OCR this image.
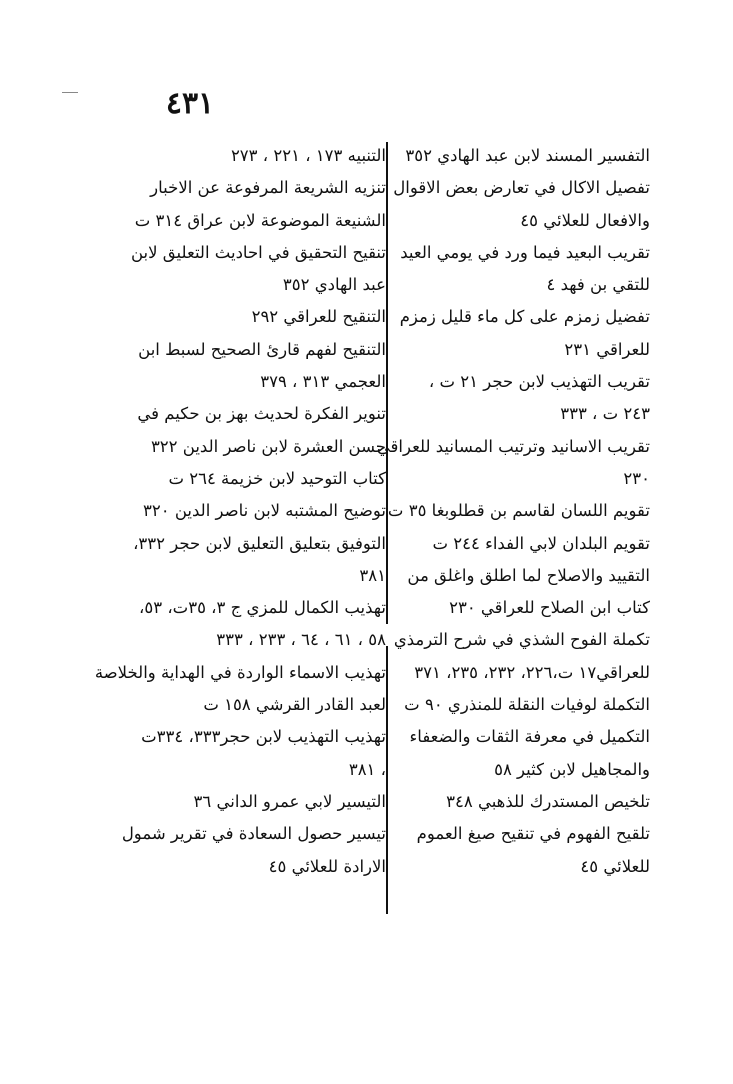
٤٣١
التفسير المسند لابن عبد الهادي ٣٥٢
تفصيل الاكال في تعارض بعض الاقوال
والافعال للعلائي ٤٥
تقريب البعيد فيما ورد في يومي العيد
للتقي بن فهد ٤
تفضيل زمزم على كل ماء قليل زمزم
للعراقي ٢٣١
تقريب التهذيب لابن حجر ٢١ ت ،
٢٤٣ ت ، ٣٣٣
تقريب الاسانيد وترتيب المسانيد للعراقي
٢٣٠
تقويم اللسان لقاسم بن قطلوبغا ٣٥ ت
تقويم البلدان لابي الفداء ٢٤٤ ت
التقييد والاصلاح لما اطلق واغلق من
كتاب ابن الصلاح للعراقي ٢٣٠
تكملة الفوح الشذي في شرح الترمذي
للعراقي١٧ ت،٢٢٦، ٢٣٢، ٢٣٥، ٣٧١
التكملة لوفيات النقلة للمنذري ٩٠ ت
التكميل في معرفة الثقات والضعفاء
والمجاهيل لابن كثير ٥٨
تلخيص المستدرك للذهبي ٣٤٨
تلقيح الفهوم في تنقيح صيغ العموم
للعلائي ٤٥
التنبيه ١٧٣ ، ٢٢١ ، ٢٧٣
تنزيه الشريعة المرفوعة عن الاخبار
الشنيعة الموضوعة لابن عراق ٣١٤ ت
تنقيح التحقيق في احاديث التعليق لابن
عبد الهادي ٣٥٢
التنقيح للعراقي ٢٩٢
التنقيح لفهم قارئ الصحيح لسبط ابن
العجمي ٣١٣ ، ٣٧٩
تنوير الفكرة لحديث بهز بن حكيم في
حسن العشرة لابن ناصر الدين ٣٢٢
كتاب التوحيد لابن خزيمة ٢٦٤ ت
توضيح المشتبه لابن ناصر الدين ٣٢٠
التوفيق بتعليق التعليق لابن حجر ٣٣٢،
٣٨١
تهذيب الكمال للمزي ج ٣، ٣٥ت، ٥٣،
٥٨ ، ٦١ ، ٦٤ ، ٢٣٣ ، ٣٣٣
تهذيب الاسماء الواردة في الهداية والخلاصة
لعبد القادر القرشي ١٥٨ ت
تهذيب التهذيب لابن حجر٣٣٣، ٣٣٤ت
، ٣٨١
التيسير لابي عمرو الداني ٣٦
تيسير حصول السعادة في تقرير شمول
الارادة للعلائي ٤٥
